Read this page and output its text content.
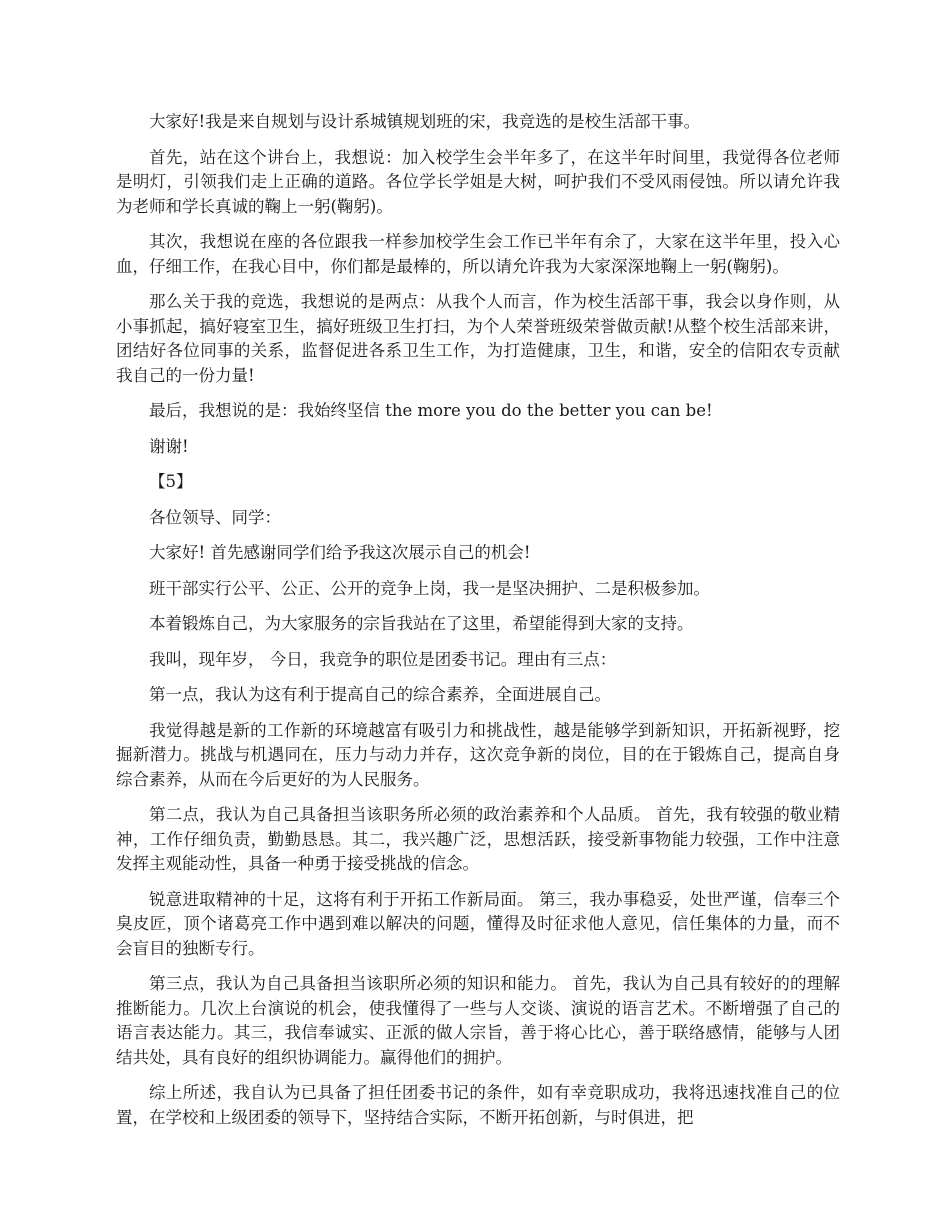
大家好!我是来自规划与设计系城镇规划班的宋，我竞选的是校生活部干事。

首先，站在这个讲台上，我想说：加入校学生会半年多了，在这半年时间里，我觉得各位老师是明灯，引领我们走上正确的道路。各位学长学姐是大树，呵护我们不受风雨侵蚀。所以请允许我为老师和学长真诚的鞠上一躬(鞠躬)。

其次，我想说在座的各位跟我一样参加校学生会工作已半年有余了，大家在这半年里，投入心血，仔细工作，在我心目中，你们都是最棒的，所以请允许我为大家深深地鞠上一躬(鞠躬)。

那么关于我的竞选，我想说的是两点：从我个人而言，作为校生活部干事，我会以身作则，从小事抓起，搞好寝室卫生，搞好班级卫生打扫，为个人荣誉班级荣誉做贡献!从整个校生活部来讲，团结好各位同事的关系，监督促进各系卫生工作，为打造健康，卫生，和谐，安全的信阳农专贡献我自己的一份力量!

最后，我想说的是：我始终坚信 the more you do the better you can be!

谢谢!

【5】

各位领导、同学：

大家好! 首先感谢同学们给予我这次展示自己的机会!

班干部实行公平、公正、公开的竞争上岗，我一是坚决拥护、二是积极参加。

本着锻炼自己，为大家服务的宗旨我站在了这里，希望能得到大家的支持。

我叫，现年岁， 今日，我竞争的职位是团委书记。理由有三点：

第一点，我认为这有利于提高自己的综合素养，全面进展自己。

我觉得越是新的工作新的环境越富有吸引力和挑战性，越是能够学到新知识，开拓新视野，挖掘新潜力。挑战与机遇同在，压力与动力并存，这次竞争新的岗位，目的在于锻炼自己，提高自身综合素养，从而在今后更好的为人民服务。

第二点，我认为自己具备担当该职务所必须的政治素养和个人品质。 首先，我有较强的敬业精神，工作仔细负责，勤勤恳恳。其二，我兴趣广泛，思想活跃，接受新事物能力较强，工作中注意发挥主观能动性，具备一种勇于接受挑战的信念。

锐意进取精神的十足，这将有利于开拓工作新局面。 第三，我办事稳妥，处世严谨，信奉三个臭皮匠，顶个诸葛亮工作中遇到难以解决的问题，懂得及时征求他人意见，信任集体的力量，而不会盲目的独断专行。

第三点，我认为自己具备担当该职所必须的知识和能力。 首先，我认为自己具有较好的的理解推断能力。几次上台演说的机会，使我懂得了一些与人交谈、演说的语言艺术。不断增强了自己的语言表达能力。其三，我信奉诚实、正派的做人宗旨，善于将心比心，善于联络感情，能够与人团结共处，具有良好的组织协调能力。赢得他们的拥护。

综上所述，我自认为已具备了担任团委书记的条件，如有幸竞职成功，我将迅速找准自己的位置，在学校和上级团委的领导下，坚持结合实际，不断开拓创新，与时俱进，把
